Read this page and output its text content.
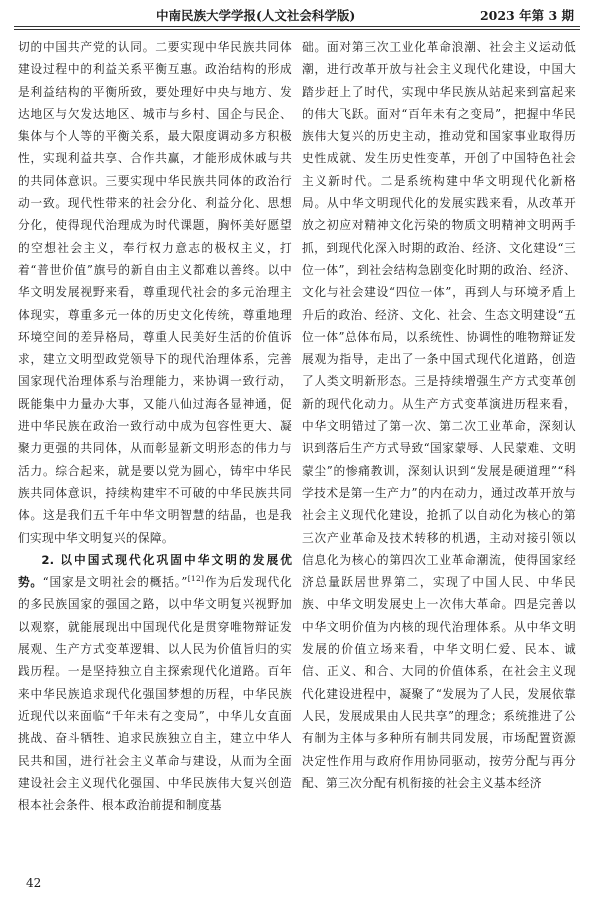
中南民族大学学报(人文社会科学版)	2023 年第 3 期

切的中国共产党的认同。二要实现中华民族共同体建设过程中的利益关系平衡互惠。政治结构的形成是利益结构的平衡所致，要处理好中央与地方、发达地区与欠发达地区、城市与乡村、国企与民企、集体与个人等的平衡关系，最大限度调动多方积极性，实现利益共享、合作共赢，才能形成休戚与共的共同体意识。三要实现中华民族共同体的政治行动一致。现代性带来的社会分化、利益分化、思想分化，使得现代治理成为时代课题，胸怀美好愿望的空想社会主义，奉行权力意志的极权主义，打着“普世价值”旗号的新自由主义都难以善终。以中华文明发展视野来看，尊重现代社会的多元治理主体现实，尊重多元一体的历史文化传统，尊重地理环境空间的差异格局，尊重人民美好生活的价值诉求，建立文明型政党领导下的现代治理体系，完善国家现代治理体系与治理能力，来协调一致行动，既能集中力量办大事，又能八仙过海各显神通，促进中华民族在政治一致行动中成为包容性更大、凝聚力更强的共同体，从而彰显新文明形态的伟力与活力。综合起来，就是要以党为圆心，铸牢中华民族共同体意识，持续构建牢不可破的中华民族共同体。这是我们五千年中华文明智慧的结晶，也是我们实现中华文明复兴的保障。

2. 以中国式现代化巩固中华文明的发展优势。“国家是文明社会的概括。”[12]作为后发现代化的多民族国家的强国之路，以中华文明复兴视野加以观察，就能展现出中国现代化是贯穿唯物辩证发展观、生产方式变革逻辑、以人民为价值旨归的实践历程。一是坚持独立自主探索现代化道路。百年来中华民族追求现代化强国梦想的历程，中华民族近现代以来面临“千年未有之变局”，中华儿女直面挑战、奋斗牺牲、追求民族独立自主，建立中华人民共和国，进行社会主义革命与建设，从而为全面建设社会主义现代化强国、中华民族伟大复兴创造根本社会条件、根本政治前提和制度基

础。面对第三次工业化革命浪潮、社会主义运动低潮，进行改革开放与社会主义现代化建设，中国大踏步赶上了时代，实现中华民族从站起来到富起来的伟大飞跃。面对“百年未有之变局”，把握中华民族伟大复兴的历史主动，推动党和国家事业取得历史性成就、发生历史性变革，开创了中国特色社会主义新时代。二是系统构建中华文明现代化新格局。从中华文明现代化的发展实践来看，从改革开放之初应对精神文化污染的物质文明精神文明两手抓，到现代化深入时期的政治、经济、文化建设“三位一体”，到社会结构急剧变化时期的政治、经济、文化与社会建设“四位一体”，再到人与环境矛盾上升后的政治、经济、文化、社会、生态文明建设“五位一体”总体布局，以系统性、协调性的唯物辩证发展观为指导，走出了一条中国式现代化道路，创造了人类文明新形态。三是持续增强生产方式变革创新的现代化动力。从生产方式变革演进历程来看，中华文明错过了第一次、第二次工业革命，深刻认识到落后生产方式导致“国家蒙辱、人民蒙难、文明蒙尘”的惨痛教训，深刻认识到“发展是硬道理”“科学技术是第一生产力”的内在动力，通过改革开放与社会主义现代化建设，抢抓了以自动化为核心的第三次产业革命及技术转移的机遇，主动对接引领以信息化为核心的第四次工业革命潮流，使得国家经济总量跃居世界第二，实现了中国人民、中华民族、中华文明发展史上一次伟大革命。四是完善以中华文明价值为内核的现代治理体系。从中华文明发展的价值立场来看，中华文明仁爱、民本、诚信、正义、和合、大同的价值体系，在社会主义现代化建设进程中，凝聚了“发展为了人民，发展依靠人民，发展成果由人民共享”的理念；系统推进了公有制为主体与多种所有制共同发展，市场配置资源决定性作用与政府作用协同驱动，按劳分配与再分配、第三次分配有机衔接的社会主义基本经济

42
